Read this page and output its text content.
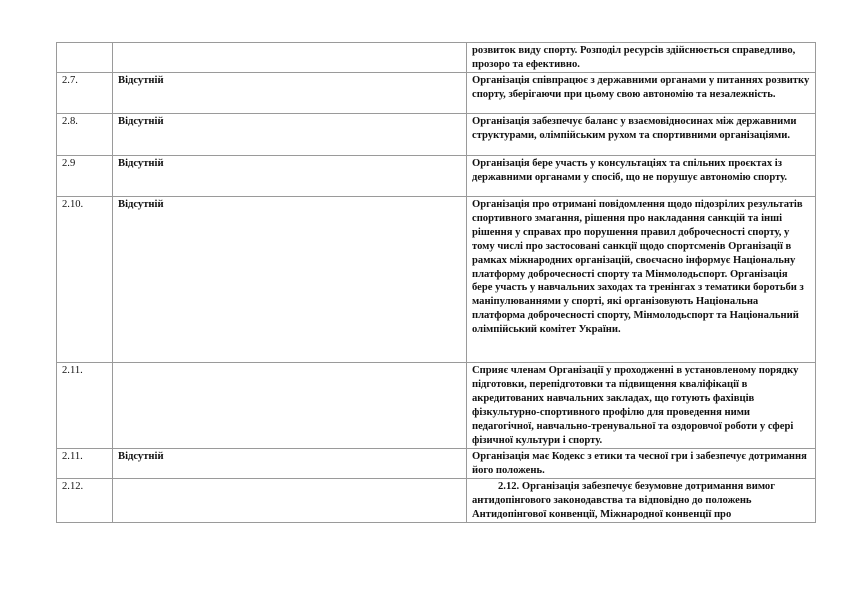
		розвиток виду спорту. Розподіл ресурсів здійснюється справедливо, прозоро та ефективно.
2.7.	Відсутній	Організація співпрацює з державними органами у питаннях розвитку спорту, зберігаючи при цьому свою автономію та незалежність.
2.8.	Відсутній	Організація забезпечує баланс у взаємовідносинах між державними структурами, олімпійським рухом та спортивними організаціями.
2.9	Відсутній	Організація бере участь у консультаціях та спільних проєктах із державними органами у спосіб, що не порушує автономію спорту.
2.10.	Відсутній	Організація про отримані повідомлення щодо підозрілих результатів спортивного змагання, рішення про накладання санкцій та інші рішення у справах про порушення правил доброчесності спорту, у тому числі про застосовані санкції щодо спортсменів Організації в рамках міжнародних організацій, своєчасно інформує Національну платформу доброчесності спорту та Мінмолодьспорт. Організація бере участь у навчальних заходах та тренінгах з тематики боротьби з маніпулюваннями у спорті, які організовують Національна платформа доброчесності спорту, Мінмолодьспорт та Національний олімпійський комітет України.
2.11.		Сприяє членам Організації у проходженні в установленому порядку підготовки, перепідготовки та підвищення кваліфікації в акредитованих навчальних закладах, що готують фахівців фізкультурно-спортивного профілю для проведення ними педагогічної, навчально-тренувальної та оздоровчої роботи у сфері фізичної культури і спорту.
2.11.	Відсутній	Організація має Кодекс з етики та чесної гри і забезпечує дотримання його положень.
2.12.		2.12. Організація забезпечує безумовне дотримання вимог антидопінгового законодавства та відповідно до положень Антидопінгової конвенції, Міжнародної конвенції про
